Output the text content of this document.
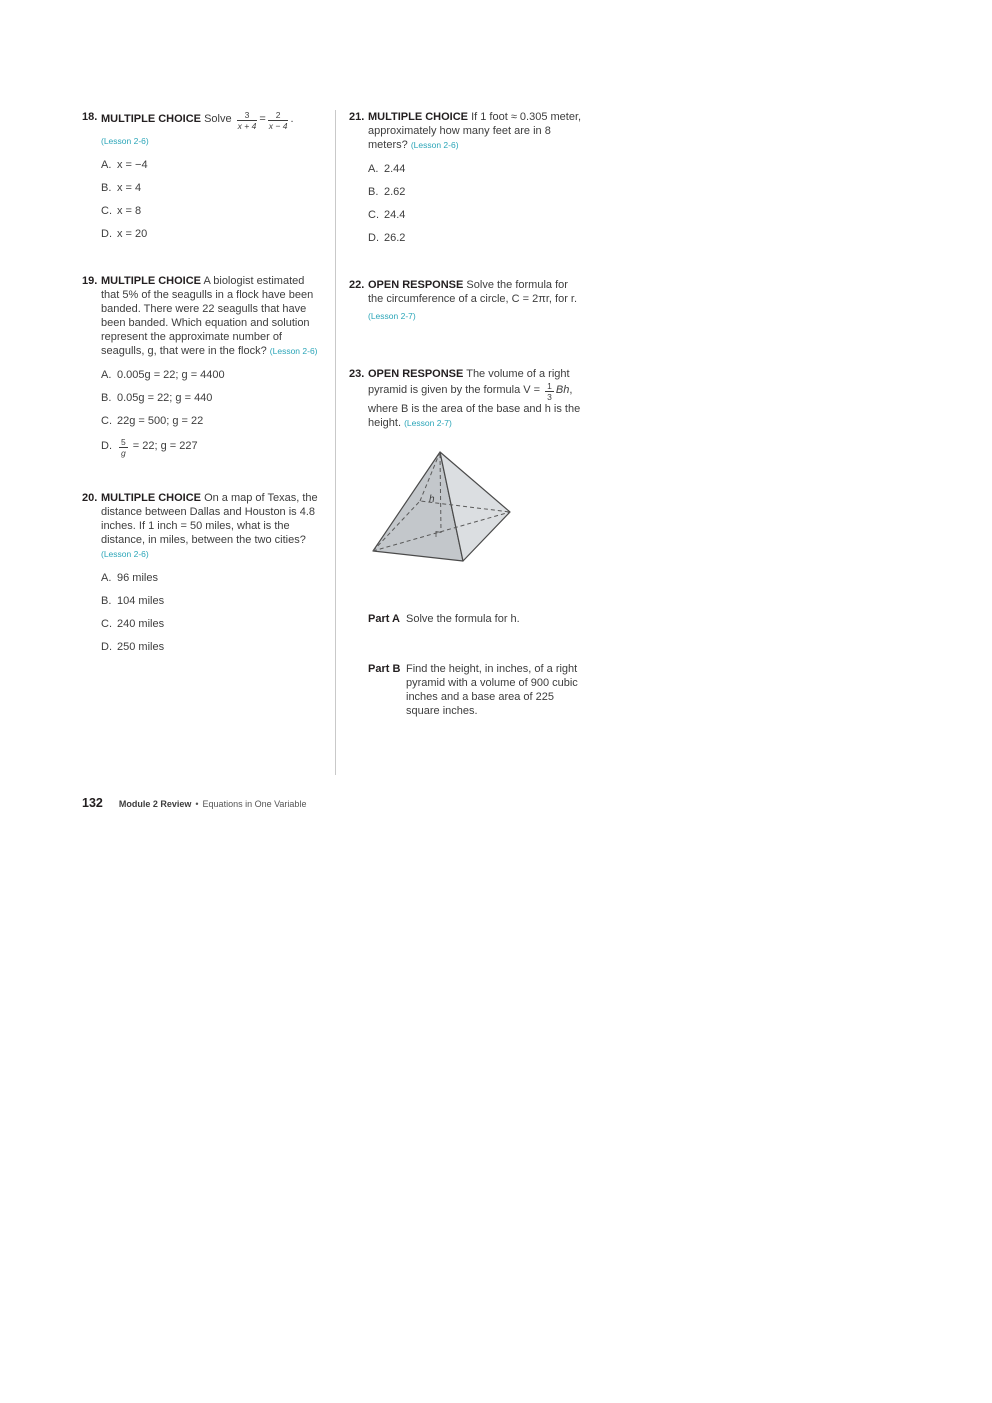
18. MULTIPLE CHOICE Solve $\frac{3}{x + 4} = \frac{2}{x - 4}$ .

(Lesson 2-6)

A. x = −4
B. x = 4
C. x = 8
D. x = 20
19. MULTIPLE CHOICE A biologist estimated that 5% of the seagulls in a flock have been banded. There were 22 seagulls that have been banded. Which equation and solution represent the approximate number of seagulls, g, that were in the flock? (Lesson 2-6)

A. 0.005g = 22; g = 4400
B. 0.05g = 22; g = 440
C. 22g = 500; g = 22
D. $\frac{5}{g} = 22$; g = 227
20. MULTIPLE CHOICE On a map of Texas, the distance between Dallas and Houston is 4.8 inches. If 1 inch = 50 miles, what is the distance, in miles, between the two cities? (Lesson 2-6)

A. 96 miles
B. 104 miles
C. 240 miles
D. 250 miles
21. MULTIPLE CHOICE If 1 foot ≈ 0.305 meter, approximately how many feet are in 8 meters? (Lesson 2-6)

A. 2.44
B. 2.62
C. 24.4
D. 26.2
22. OPEN RESPONSE Solve the formula for the circumference of a circle, C = 2πr, for r.

(Lesson 2-7)

23. OPEN RESPONSE The volume of a right pyramid is given by the formula $V = \frac{1}{3} Bh$, where B is the area of the base and h is the height. (Lesson 2-7)

h
Part A Solve the formula for h.
Part B Find the height, in inches, of a right pyramid with a volume of 900 cubic inches and a base area of 225 square inches.
132 Module 2 Review • Equations in One Variable
